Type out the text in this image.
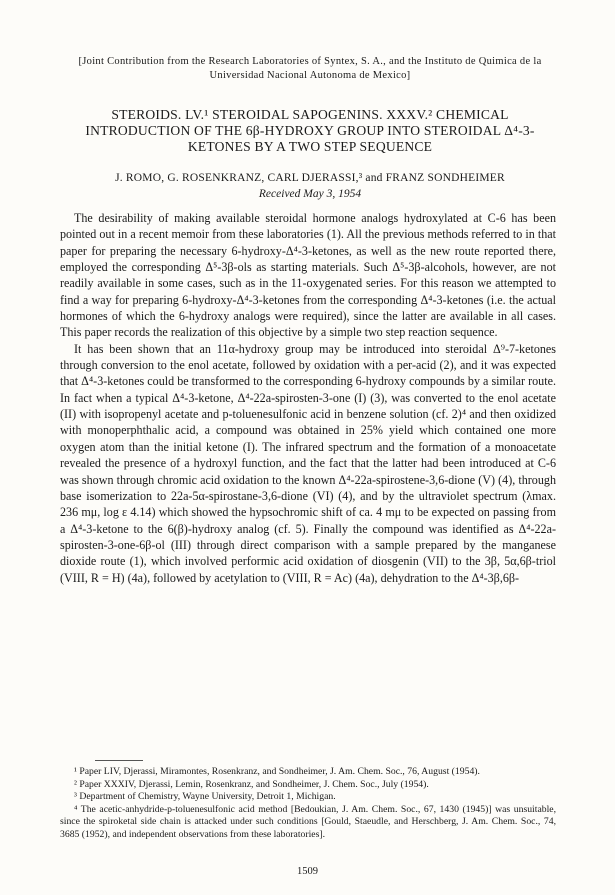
[Joint Contribution from the Research Laboratories of Syntex, S. A., and the Instituto de Quimica de la Universidad Nacional Autonoma de Mexico]
STEROIDS. LV.¹ STEROIDAL SAPOGENINS. XXXV.² CHEMICAL INTRODUCTION OF THE 6β-HYDROXY GROUP INTO STEROIDAL Δ⁴-3-KETONES BY A TWO STEP SEQUENCE
J. ROMO, G. ROSENKRANZ, CARL DJERASSI,³ and FRANZ SONDHEIMER
Received May 3, 1954

The desirability of making available steroidal hormone analogs hydroxylated at C-6 has been pointed out in a recent memoir from these laboratories (1). All the previous methods referred to in that paper for preparing the necessary 6-hydroxy-Δ⁴-3-ketones, as well as the new route reported there, employed the corresponding Δ⁵-3β-ols as starting materials. Such Δ⁵-3β-alcohols, however, are not readily available in some cases, such as in the 11-oxygenated series. For this reason we attempted to find a way for preparing 6-hydroxy-Δ⁴-3-ketones from the corresponding Δ⁴-3-ketones (i.e. the actual hormones of which the 6-hydroxy analogs were required), since the latter are available in all cases. This paper records the realization of this objective by a simple two step reaction sequence.

It has been shown that an 11α-hydroxy group may be introduced into steroidal Δ⁹-7-ketones through conversion to the enol acetate, followed by oxidation with a per-acid (2), and it was expected that Δ⁴-3-ketones could be transformed to the corresponding 6-hydroxy compounds by a similar route. In fact when a typical Δ⁴-3-ketone, Δ⁴-22a-spirosten-3-one (I) (3), was converted to the enol acetate (II) with isopropenyl acetate and p-toluenesulfonic acid in benzene solution (cf. 2)⁴ and then oxidized with monoperphthalic acid, a compound was obtained in 25% yield which contained one more oxygen atom than the initial ketone (I). The infrared spectrum and the formation of a monoacetate revealed the presence of a hydroxyl function, and the fact that the latter had been introduced at C-6 was shown through chromic acid oxidation to the known Δ⁴-22a-spirostene-3,6-dione (V) (4), through base isomerization to 22a-5α-spirostane-3,6-dione (VI) (4), and by the ultraviolet spectrum (λmax. 236 mμ, log ε 4.14) which showed the hypsochromic shift of ca. 4 mμ to be expected on passing from a Δ⁴-3-ketone to the 6(β)-hydroxy analog (cf. 5). Finally the compound was identified as Δ⁴-22a-spirosten-3-one-6β-ol (III) through direct comparison with a sample prepared by the manganese dioxide route (1), which involved performic acid oxidation of diosgenin (VII) to the 3β, 5α,6β-triol (VIII, R = H) (4a), followed by acetylation to (VIII, R = Ac) (4a), dehydration to the Δ⁴-3β,6β-

¹ Paper LIV, Djerassi, Miramontes, Rosenkranz, and Sondheimer, J. Am. Chem. Soc., 76, August (1954).

² Paper XXXIV, Djerassi, Lemin, Rosenkranz, and Sondheimer, J. Chem. Soc., July (1954).

³ Department of Chemistry, Wayne University, Detroit 1, Michigan.

⁴ The acetic-anhydride-p-toluenesulfonic acid method [Bedoukian, J. Am. Chem. Soc., 67, 1430 (1945)] was unsuitable, since the spiroketal side chain is attacked under such conditions [Gould, Staeudle, and Herschberg, J. Am. Chem. Soc., 74, 3685 (1952), and independent observations from these laboratories].

1509
